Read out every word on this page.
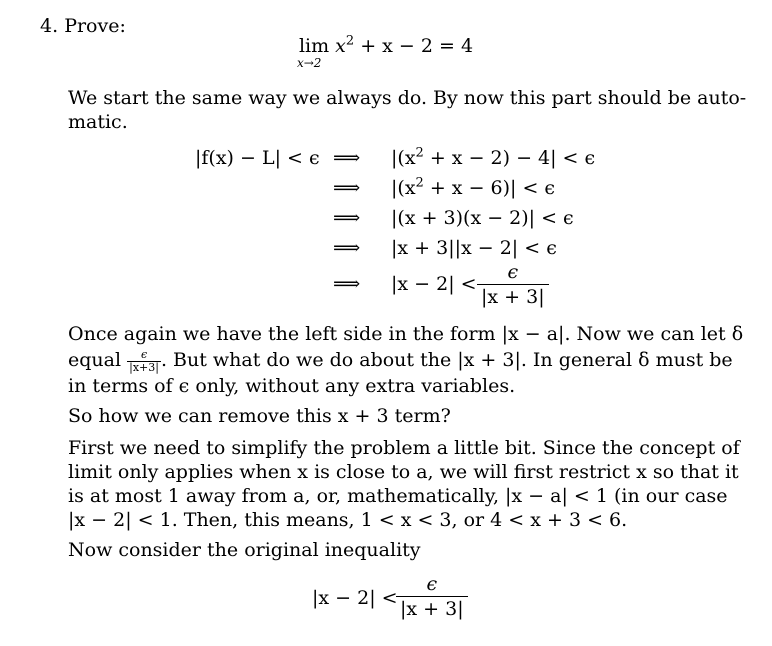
4. Prove:
lim
x→2
$x^2 + x - 2 = 4$
We start the same way we always do. By now this part should be auto-
matic.
|f(x) − L| < ϵ ⟹ $|(x^2 + x - 2) - 4| < \epsilon$
⟹ $|(x^2 + x - 6)| < \epsilon$
⟹ |(x + 3)(x − 2)| < ϵ
⟹ |x + 3||x − 2| < ϵ
⟹ $|x - 2| < \frac{\epsilon}{|x + 3|}$
Once again we have the left side in the form |x − a|. Now we can let δ
equal $\frac{\epsilon}{|x+3|}$ . But what do we do about the |x + 3|. In general δ must be
in terms of ϵ only, without any extra variables.
So how we can remove this x + 3 term?
First we need to simplify the problem a little bit. Since the concept of
limit only applies when x is close to a, we will first restrict x so that it
is at most 1 away from a, or, mathematically, |x − a| < 1 (in our case
|x − 2| < 1. Then, this means, 1 < x < 3, or 4 < x + 3 < 6.
Now consider the original inequality
|x − 2| <
$\frac{\epsilon}{|x + 3|}$
